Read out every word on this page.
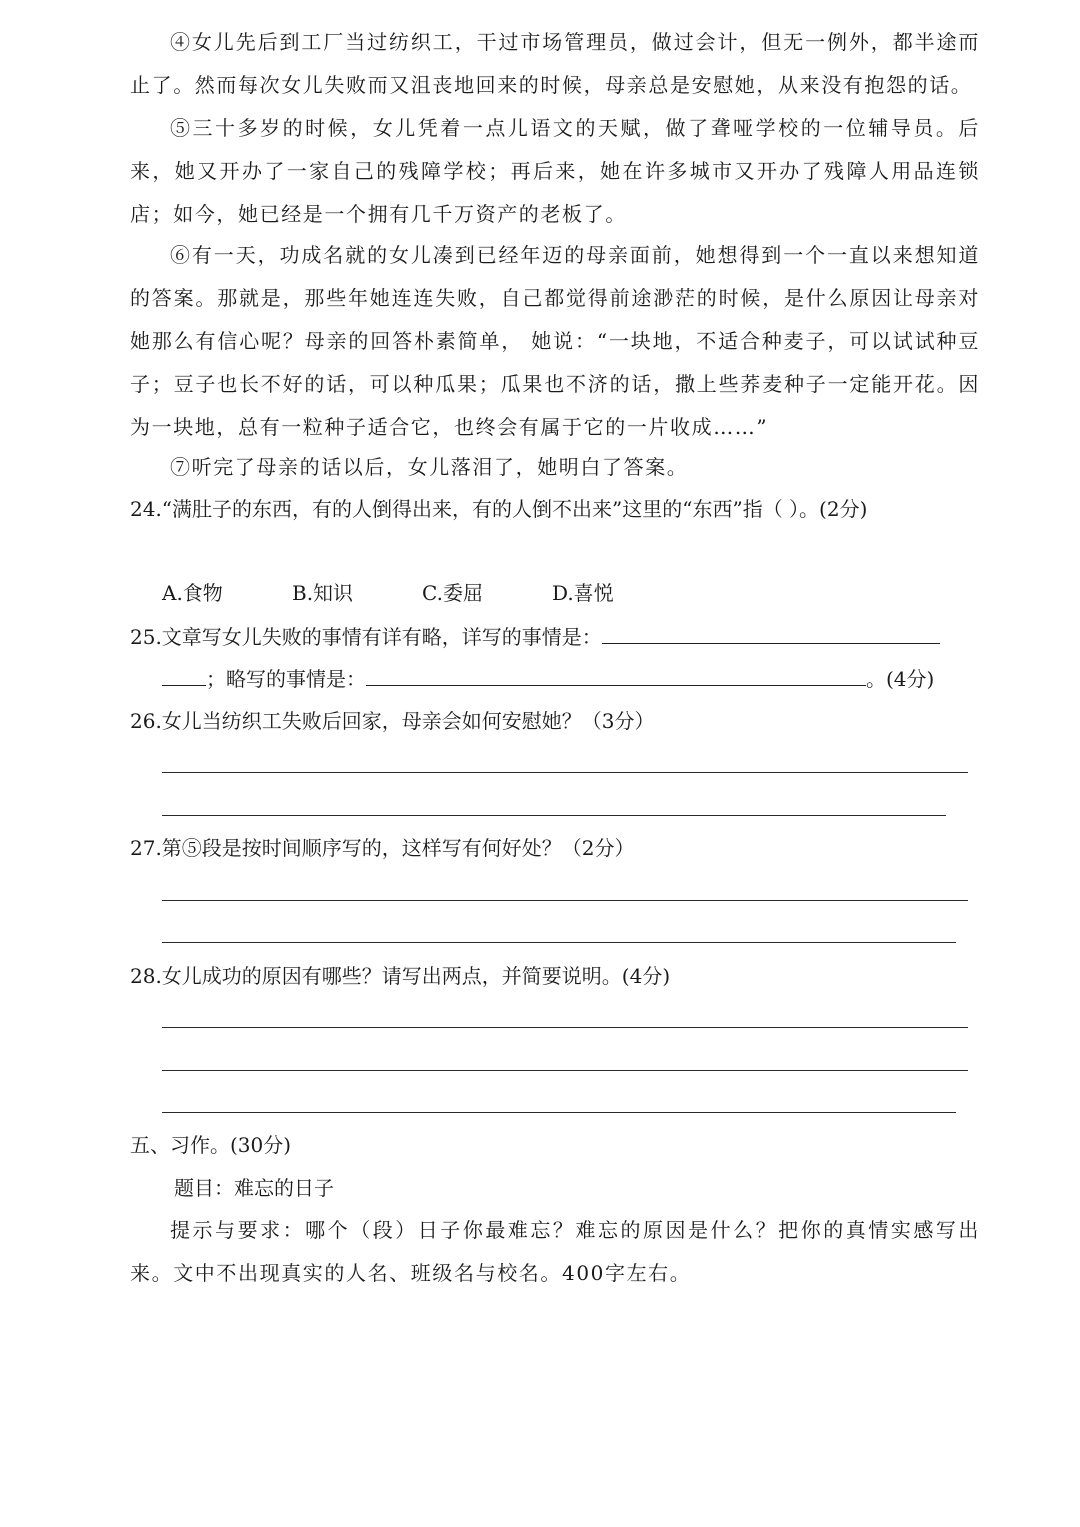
④女儿先后到工厂当过纺织工，干过市场管理员，做过会计，但无一例外，都半途而止了。然而每次女儿失败而又沮丧地回来的时候，母亲总是安慰她，从来没有抱怨的话。

⑤三十多岁的时候，女儿凭着一点儿语文的天赋，做了聋哑学校的一位辅导员。后来，她又开办了一家自己的残障学校；再后来，她在许多城市又开办了残障人用品连锁店；如今，她已经是一个拥有几千万资产的老板了。

⑥有一天，功成名就的女儿凑到已经年迈的母亲面前，她想得到一个一直以来想知道的答案。那就是，那些年她连连失败，自己都觉得前途渺茫的时候，是什么原因让母亲对她那么有信心呢？母亲的回答朴素简单， 她说：“一块地，不适合种麦子，可以试试种豆子；豆子也长不好的话，可以种瓜果；瓜果也不济的话，撒上些荞麦种子一定能开花。因为一块地，总有一粒种子适合它，也终会有属于它的一片收成……”

⑦听完了母亲的话以后，女儿落泪了，她明白了答案。

24.“满肚子的东西，有的人倒得出来，有的人倒不出来”这里的“东西”指（ ）。(2分)

A.食物	B.知识	C.委屈	D.喜悦
25.文章写女儿失败的事情有详有略，详写的事情是：
；略写的事情是：	。(4分)

26.女儿当纺织工失败后回家，母亲会如何安慰她？（3分）

27.第⑤段是按时间顺序写的，这样写有何好处？（2分）

28.女儿成功的原因有哪些？请写出两点，并简要说明。(4分)

五、习作。(30分)

题目：难忘的日子

提示与要求：哪个（段）日子你最难忘？难忘的原因是什么？把你的真情实感写出来。文中不出现真实的人名、班级名与校名。400字左右。
